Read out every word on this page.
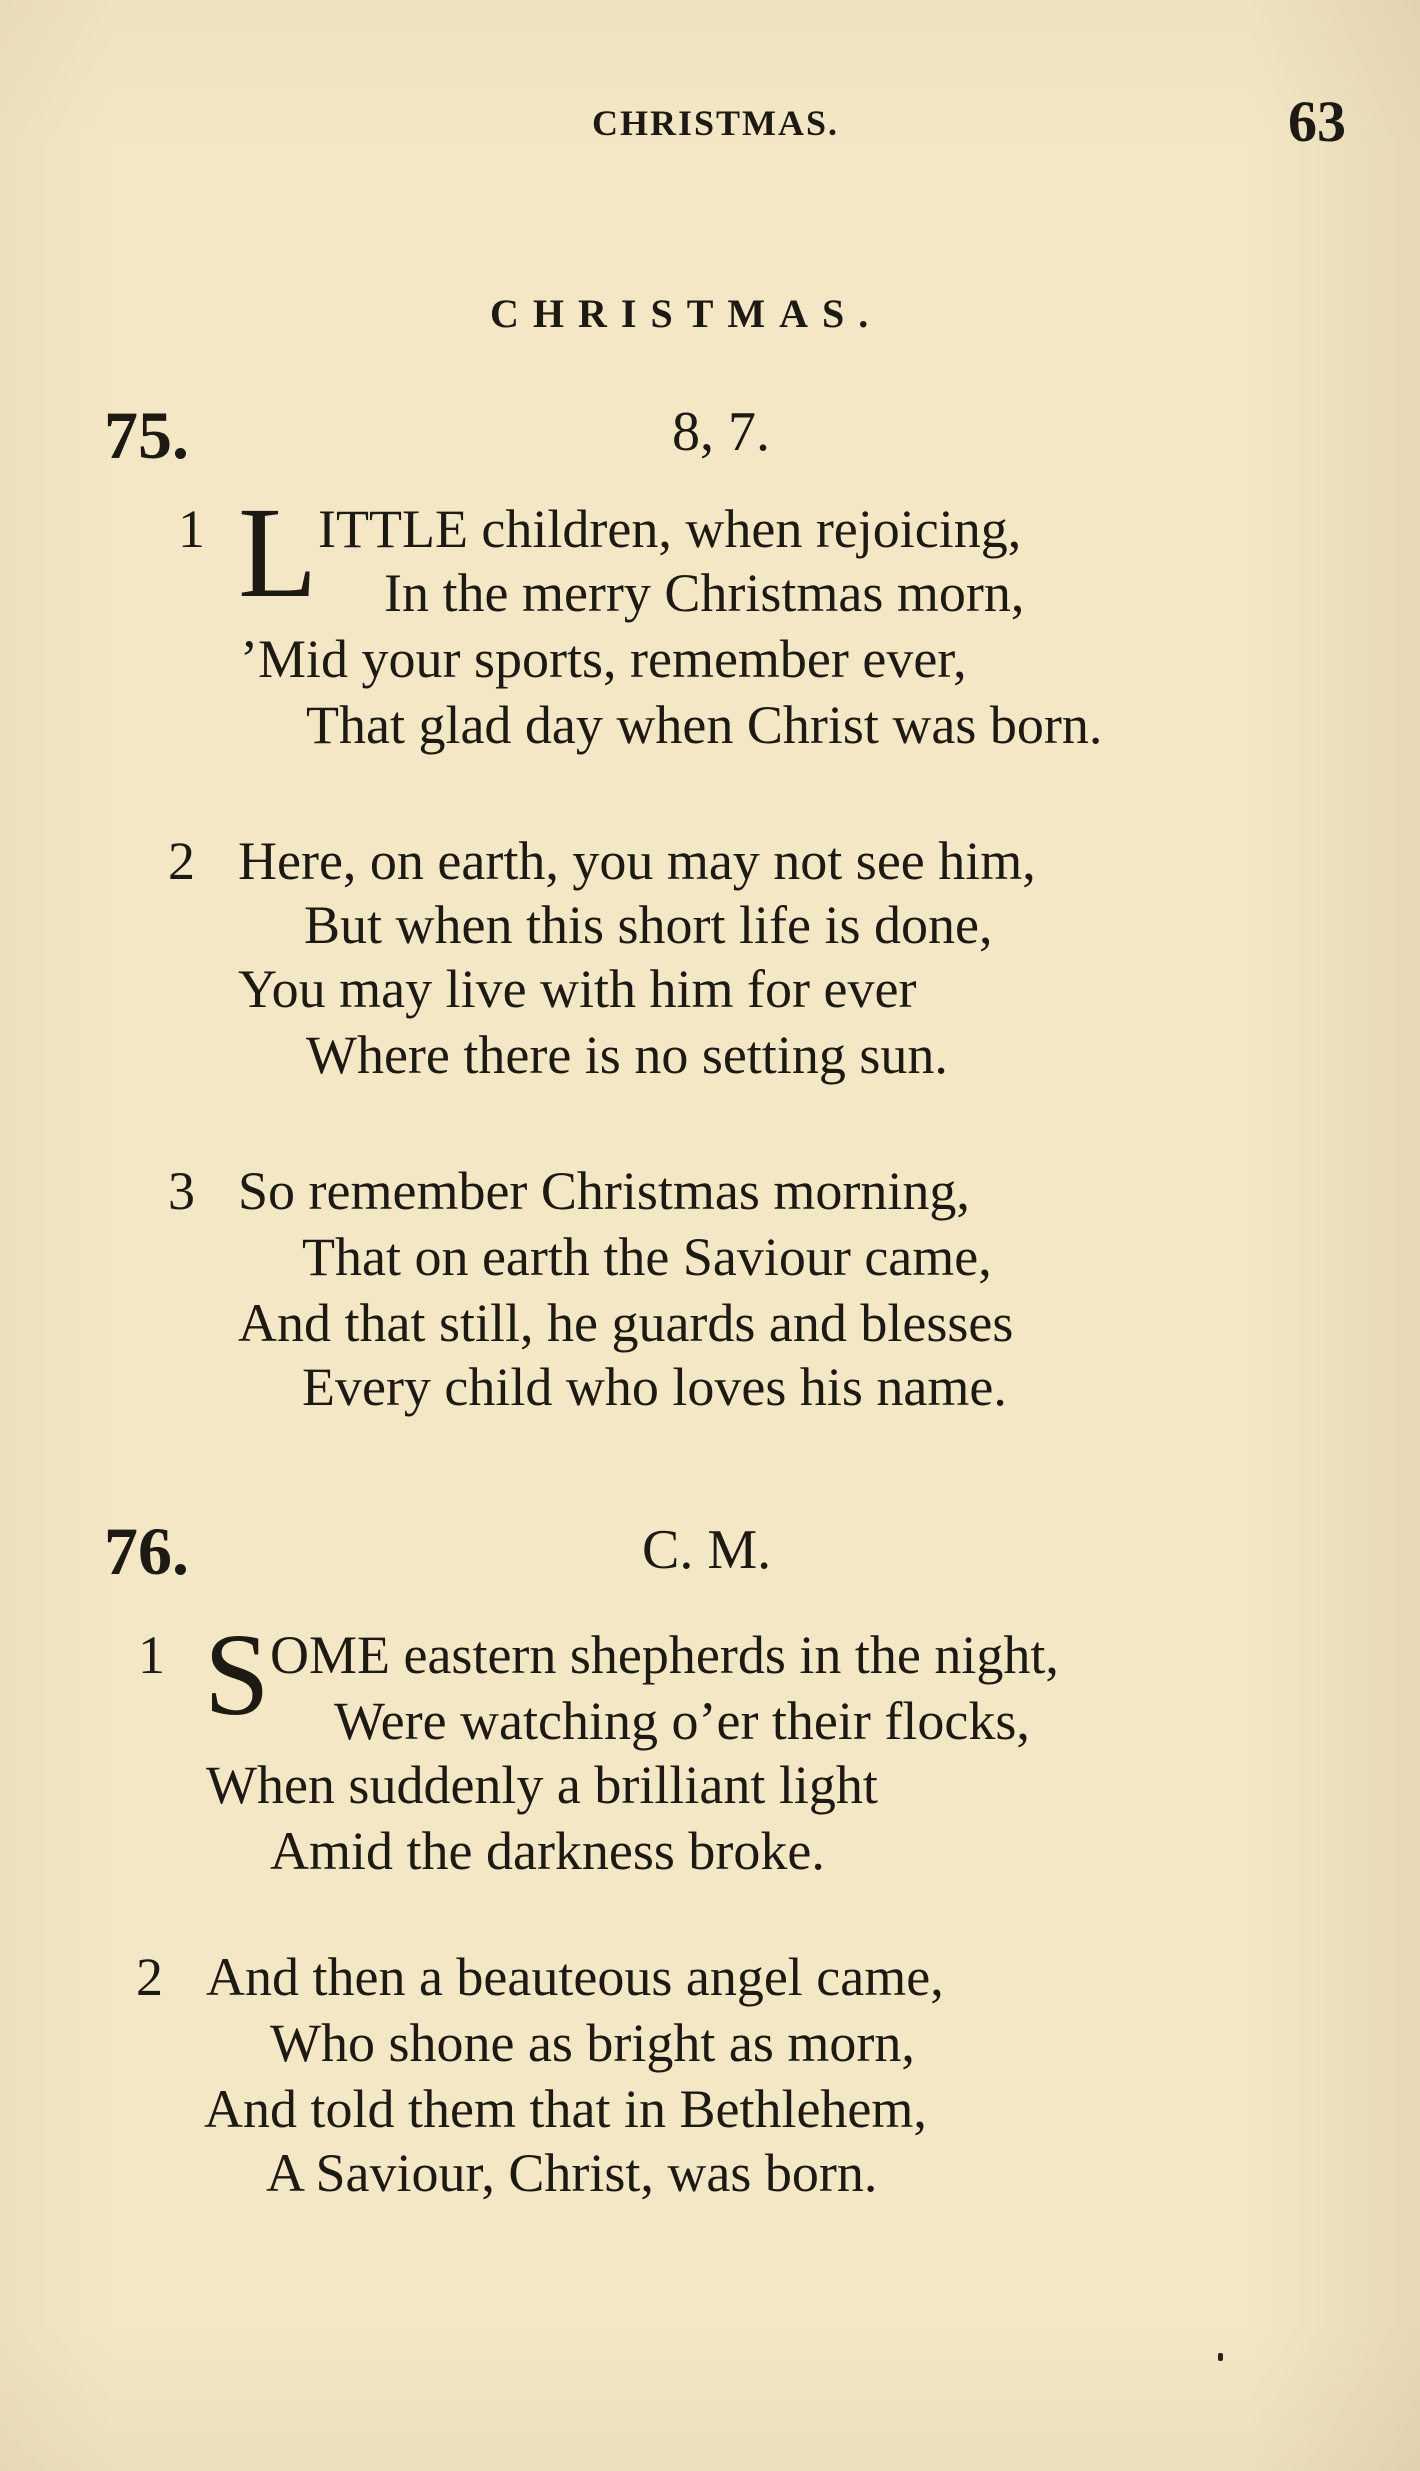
CHRISTMAS.	63
CHRISTMAS.
75.	8, 7.
1 L ITTLE children, when rejoicing,
In the merry Christmas morn,
’Mid your sports, remember ever,
That glad day when Christ was born.
2 Here, on earth, you may not see him,
But when this short life is done,
You may live with him for ever
Where there is no setting sun.
3 So remember Christmas morning,
That on earth the Saviour came,
And that still, he guards and blesses
Every child who loves his name.
76.	C. M.
1 S OME eastern shepherds in the night,
Were watching o’er their flocks,
When suddenly a brilliant light
Amid the darkness broke.
2 And then a beauteous angel came,
Who shone as bright as morn,
And told them that in Bethlehem,
A Saviour, Christ, was born.
